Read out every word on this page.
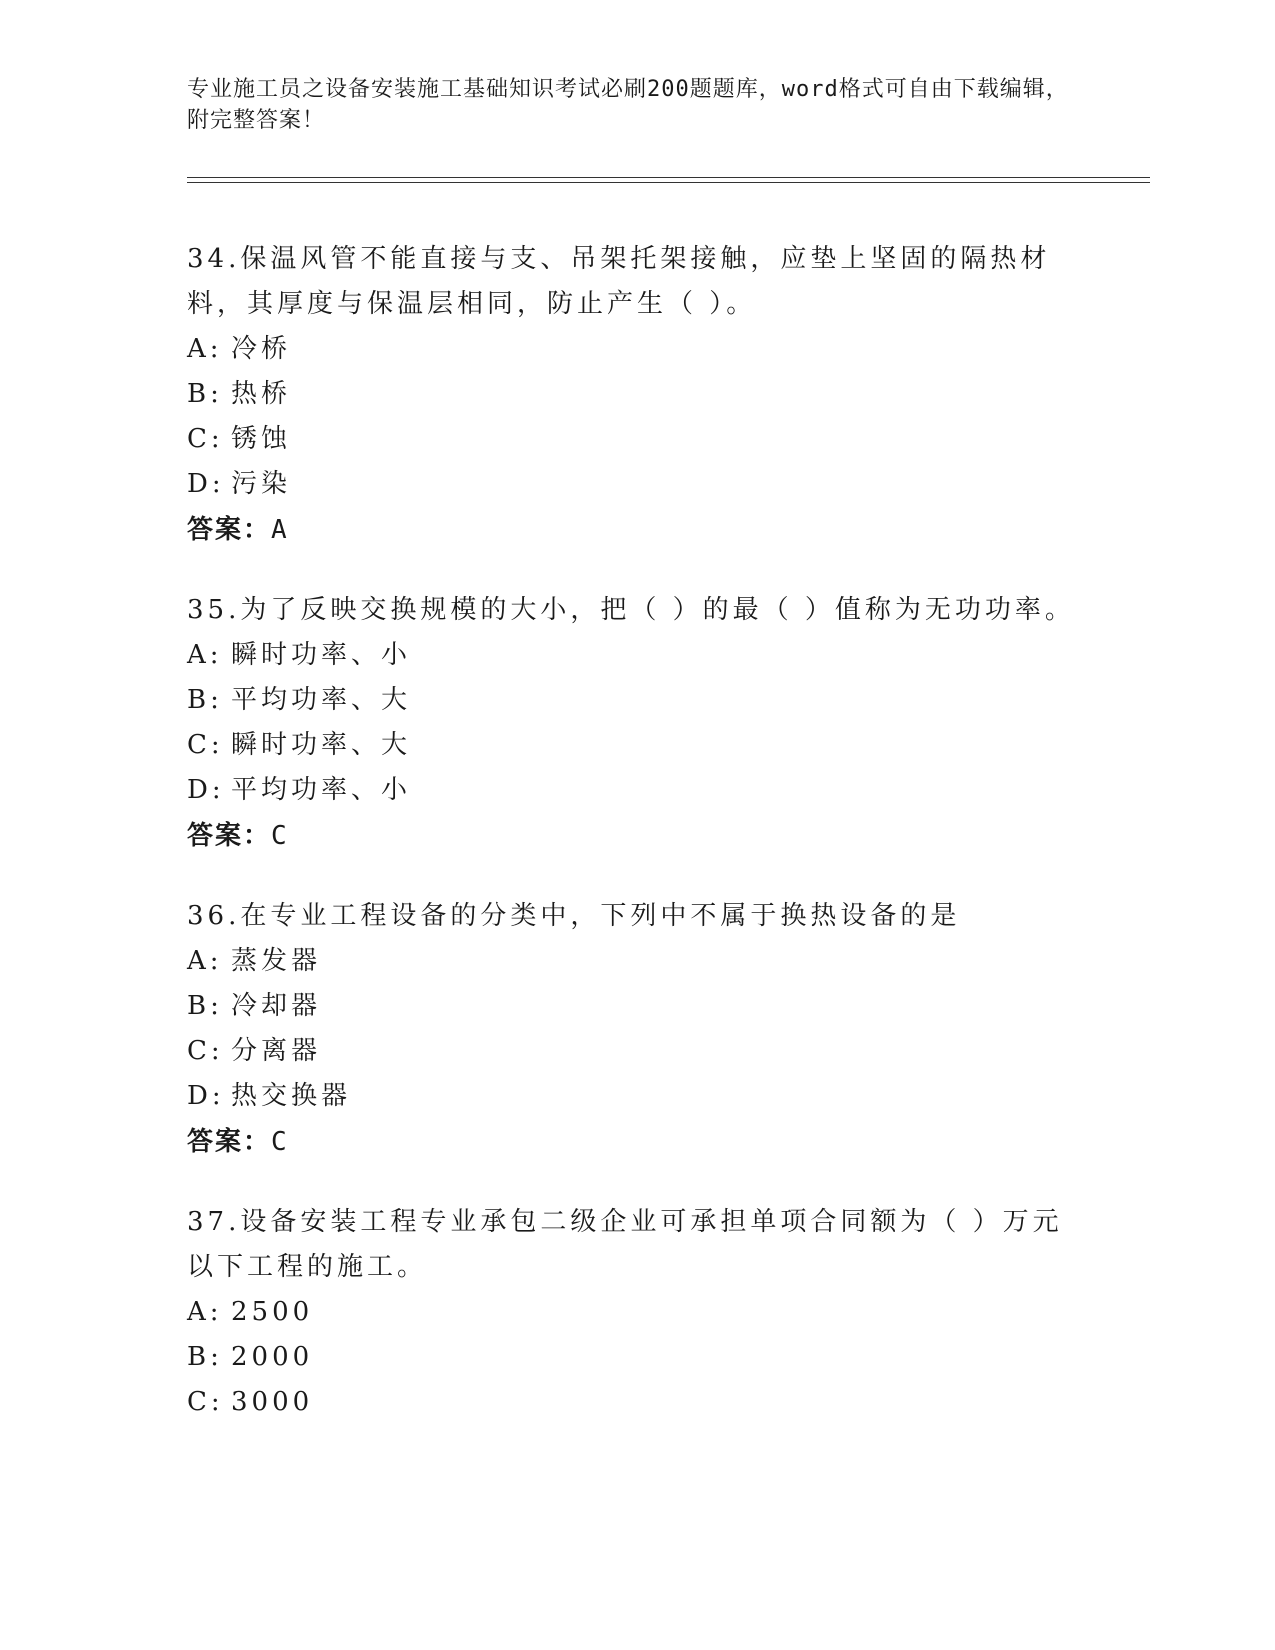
专业施工员之设备安装施工基础知识考试必刷200题题库，word格式可自由下载编辑，附完整答案！
34.保温风管不能直接与支、吊架托架接触，应垫上坚固的隔热材料，其厚度与保温层相同，防止产生（ ）。
A: 冷桥
B: 热桥
C: 锈蚀
D: 污染
答案：A
35.为了反映交换规模的大小，把（ ）的最（ ）值称为无功功率。
A: 瞬时功率、小
B: 平均功率、大
C: 瞬时功率、大
D: 平均功率、小
答案：C
36.在专业工程设备的分类中，下列中不属于换热设备的是
A: 蒸发器
B: 冷却器
C: 分离器
D: 热交换器
答案：C
37.设备安装工程专业承包二级企业可承担单项合同额为（ ）万元以下工程的施工。
A: 2500
B: 2000
C: 3000
